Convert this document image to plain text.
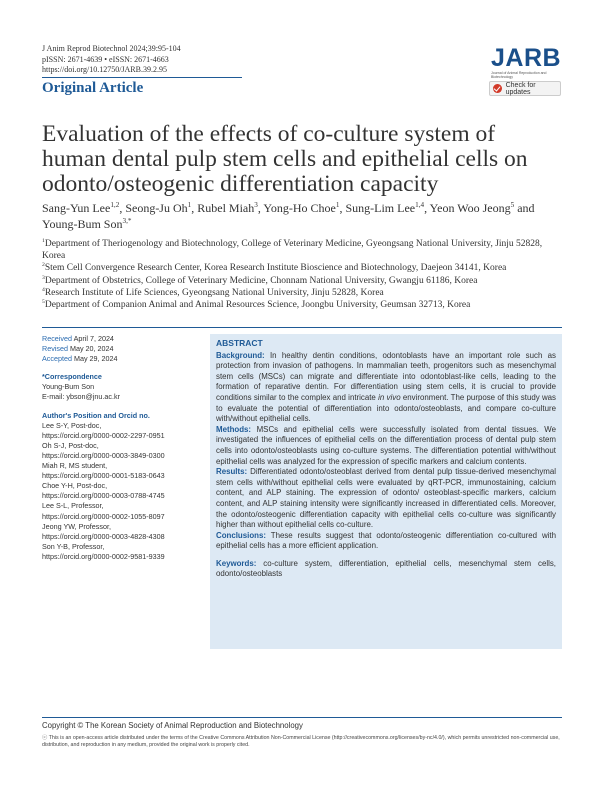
J Anim Reprod Biotechnol 2024;39:95-104
pISSN: 2671-4639 • eISSN: 2671-4663
https://doi.org/10.12750/JARB.39.2.95
Original Article
JARB
Journal of Animal Reproduction and Biotechnology
Check for updates
Evaluation of the effects of co-culture system of human dental pulp stem cells and epithelial cells on odonto/osteogenic differentiation capacity
Sang-Yun Lee$^{1,2}$, Seong-Ju Oh$^1$, Rubel Miah$^3$, Yong-Ho Choe$^1$, Sung-Lim Lee$^{1,4}$, Yeon Woo Jeong$^5$ and Young-Bum Son$^{3,*}$
$^1$Department of Theriogenology and Biotechnology, College of Veterinary Medicine, Gyeongsang National University, Jinju 52828, Korea
$^2$Stem Cell Convergence Research Center, Korea Research Institute Bioscience and Biotechnology, Daejeon 34141, Korea
$^3$Department of Obstetrics, College of Veterinary Medicine, Chonnam National University, Gwangju 61186, Korea
$^4$Research Institute of Life Sciences, Gyeongsang National University, Jinju 52828, Korea
$^5$Department of Companion Animal and Animal Resources Science, Joongbu University, Geumsan 32713, Korea
Received April 7, 2024
Revised May 20, 2024
Accepted May 29, 2024
*Correspondence
Young-Bum Son
E-mail: ybson@jnu.ac.kr
Author's Position and Orcid no.
Lee S-Y, Post-doc,
https://orcid.org/0000-0002-2297-0951
Oh S-J, Post-doc,
https://orcid.org/0000-0003-3849-0300
Miah R, MS student,
https://orcid.org/0000-0001-5183-0643
Choe Y-H, Post-doc,
https://orcid.org/0000-0003-0788-4745
Lee S-L, Professor,
https://orcid.org/0000-0002-1055-8097
Jeong YW, Professor,
https://orcid.org/0000-0003-4828-4308
Son Y-B, Professor,
https://orcid.org/0000-0002-9581-9339
ABSTRACT

Background: In healthy dentin conditions, odontoblasts have an important role such as protection from invasion of pathogens. In mammalian teeth, progenitors such as mesenchymal stem cells (MSCs) can migrate and differentiate into odontoblast-like cells, leading to the formation of reparative dentin. For differentiation using stem cells, it is crucial to provide conditions similar to the complex and intricate in vivo environment. The purpose of this study was to evaluate the potential of differentiation into odonto/osteoblasts, and compare co-culture with/without epithelial cells.

Methods: MSCs and epithelial cells were successfully isolated from dental tissues. We investigated the influences of epithelial cells on the differentiation process of dental pulp stem cells into odonto/osteoblasts using co-culture systems. The differentiation potential with/without epithelial cells was analyzed for the expression of specific markers and calcium contents.

Results: Differentiated odonto/osteoblast derived from dental pulp tissue-derived mesenchymal stem cells with/without epithelial cells were evaluated by qRT-PCR, immunostaining, calcium content, and ALP staining. The expression of odonto/ osteoblast-specific markers, calcium content, and ALP staining intensity were significantly increased in differentiated cells. Moreover, the odonto/osteogenic differentiation capacity with epithelial cells co-culture was significantly higher than without epithelial cells co-culture.

Conclusions: These results suggest that odonto/osteogenic differentiation co-cultured with epithelial cells has a more efficient application.

Keywords: co-culture system, differentiation, epithelial cells, mesenchymal stem cells, odonto/osteoblasts

Copyright © The Korean Society of Animal Reproduction and Biotechnology
ⓒ This is an open-access article distributed under the terms of the Creative Commons Attribution Non-Commercial License (http://creativecommons.org/licenses/by-nc/4.0/), which permits unrestricted non-commercial use, distribution, and reproduction in any medium, provided the original work is properly cited.
